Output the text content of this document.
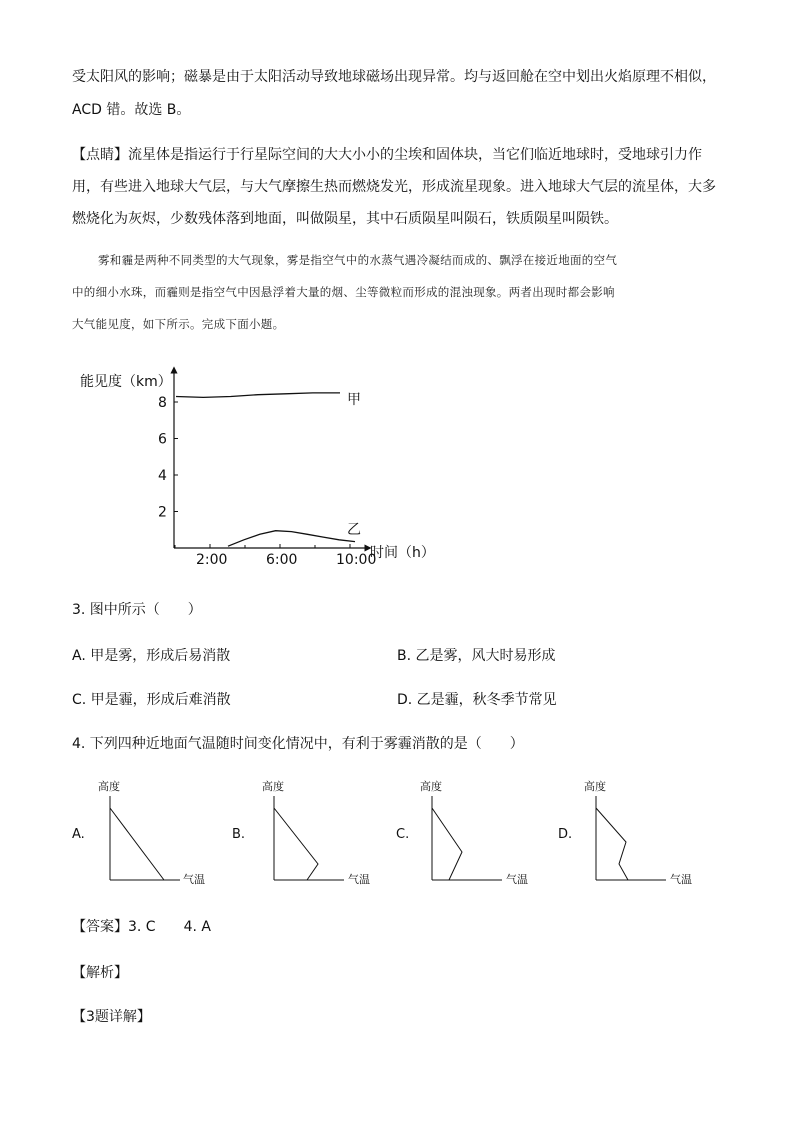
受太阳风的影响；磁暴是由于太阳活动导致地球磁场出现异常。均与返回舱在空中划出火焰原理不相似，
ACD 错。故选 B。
【点睛】流星体是指运行于行星际空间的大大小小的尘埃和固体块，当它们临近地球时，受地球引力作
用，有些进入地球大气层，与大气摩擦生热而燃烧发光，形成流星现象。进入地球大气层的流星体，大多
燃烧化为灰烬，少数残体落到地面，叫做陨星，其中石质陨星叫陨石，铁质陨星叫陨铁。
雾和霾是两种不同类型的大气现象，雾是指空气中的水蒸气遇冷凝结而成的、飘浮在接近地面的空气
中的细小水珠，而霾则是指空气中因悬浮着大量的烟、尘等微粒而形成的混浊现象。两者出现时都会影响
大气能见度，如下所示。完成下面小题。
能见度（km）
8
6
4
2
2:00	6:00	10:00
甲
乙
时间（h）
3. 图中所示（　　）
A. 甲是雾，形成后易消散	B. 乙是雾，风大时易形成
C. 甲是霾，形成后难消散	D. 乙是霾，秋冬季节常见
4. 下列四种近地面气温随时间变化情况中，有利于雾霾消散的是（　　）
A.
高度
气温
B.
高度
气温
C.
高度
气温
D.
高度
气温
【答案】3. C　　4. A
【解析】
【3题详解】
